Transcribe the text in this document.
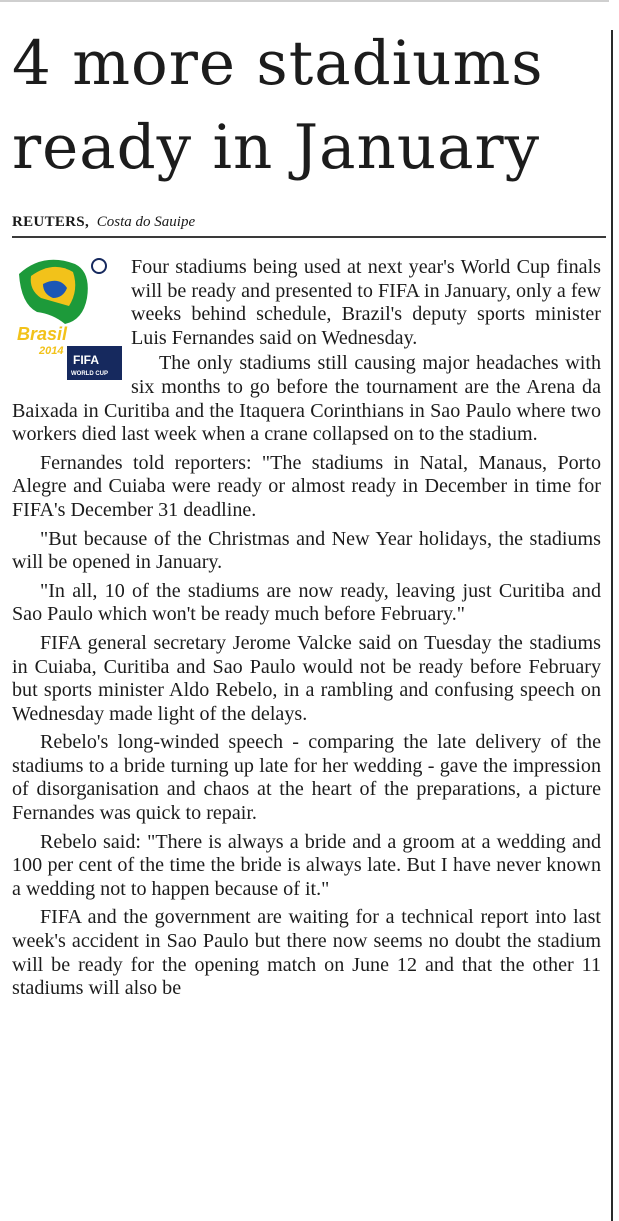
4 more stadiums ready in January
REUTERS, Costa do Sauipe
Brasil
2014
FIFA
WORLD CUP

Four stadiums being used at next year's World Cup finals will be ready and presented to FIFA in January, only a few weeks behind schedule, Brazil's deputy sports minister Luis Fernandes said on Wednesday.

The only stadiums still causing major headaches with six months to go before the tournament are the Arena da Baixada in Curitiba and the Itaquera Corinthians in Sao Paulo where two workers died last week when a crane collapsed on to the stadium.

Fernandes told reporters: "The stadiums in Natal, Manaus, Porto Alegre and Cuiaba were ready or almost ready in December in time for FIFA's December 31 deadline.

"But because of the Christmas and New Year holidays, the stadiums will be opened in January.

"In all, 10 of the stadiums are now ready, leaving just Curitiba and Sao Paulo which won't be ready much before February."

FIFA general secretary Jerome Valcke said on Tuesday the stadiums in Cuiaba, Curitiba and Sao Paulo would not be ready before February but sports minister Aldo Rebelo, in a rambling and confusing speech on Wednesday made light of the delays.

Rebelo's long-winded speech - comparing the late delivery of the stadiums to a bride turning up late for her wedding - gave the impression of disorganisation and chaos at the heart of the preparations, a picture Fernandes was quick to repair.

Rebelo said: "There is always a bride and a groom at a wedding and 100 per cent of the time the bride is always late. But I have never known a wedding not to happen because of it."

FIFA and the government are waiting for a technical report into last week's accident in Sao Paulo but there now seems no doubt the stadium will be ready for the opening match on June 12 and that the other 11 stadiums will also be
